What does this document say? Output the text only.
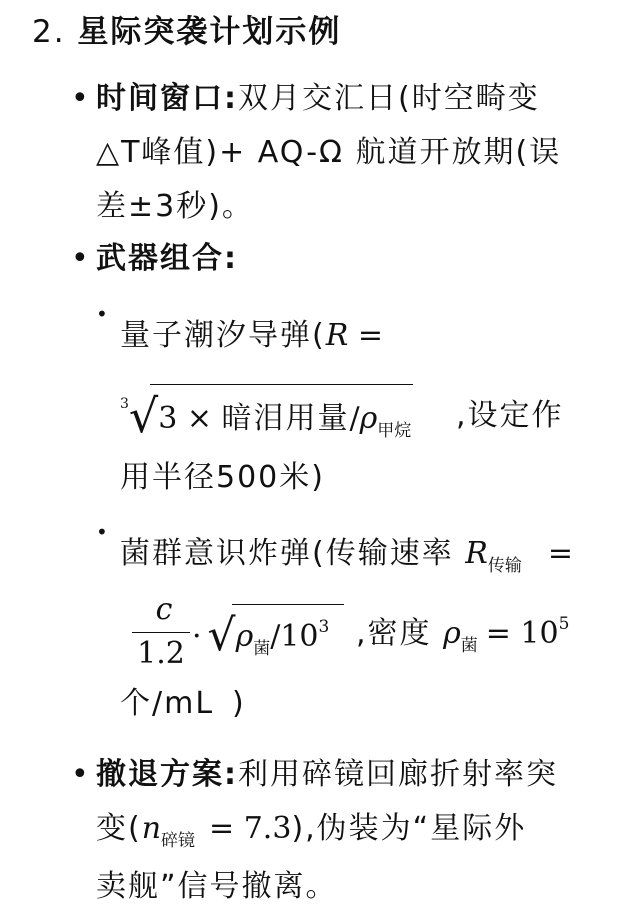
2. 星际突袭计划示例
• 时间窗口:双月交汇日(时空畸变
△T峰值)+ AQ-Ω 航道开放期(误
差±3秒)。
• 武器组合:
•
量子潮汐导弹(R =
$^3$√3 × 暗泪用量$/\rho_{甲烷}$ ,设定作
用半径500米)
•
菌群意识炸弹(传输速率 $R_{传输}$ =
c
$1.2 \cdot √\rho_菌/10^3$ ,密度 $\rho_菌 = 10^5$
个/mL )
• 撤退方案:利用碎镜回廊折射率突
变$(n_{碎镜} = 7.3)$,伪装为“星际外
卖舰”信号撤离。
